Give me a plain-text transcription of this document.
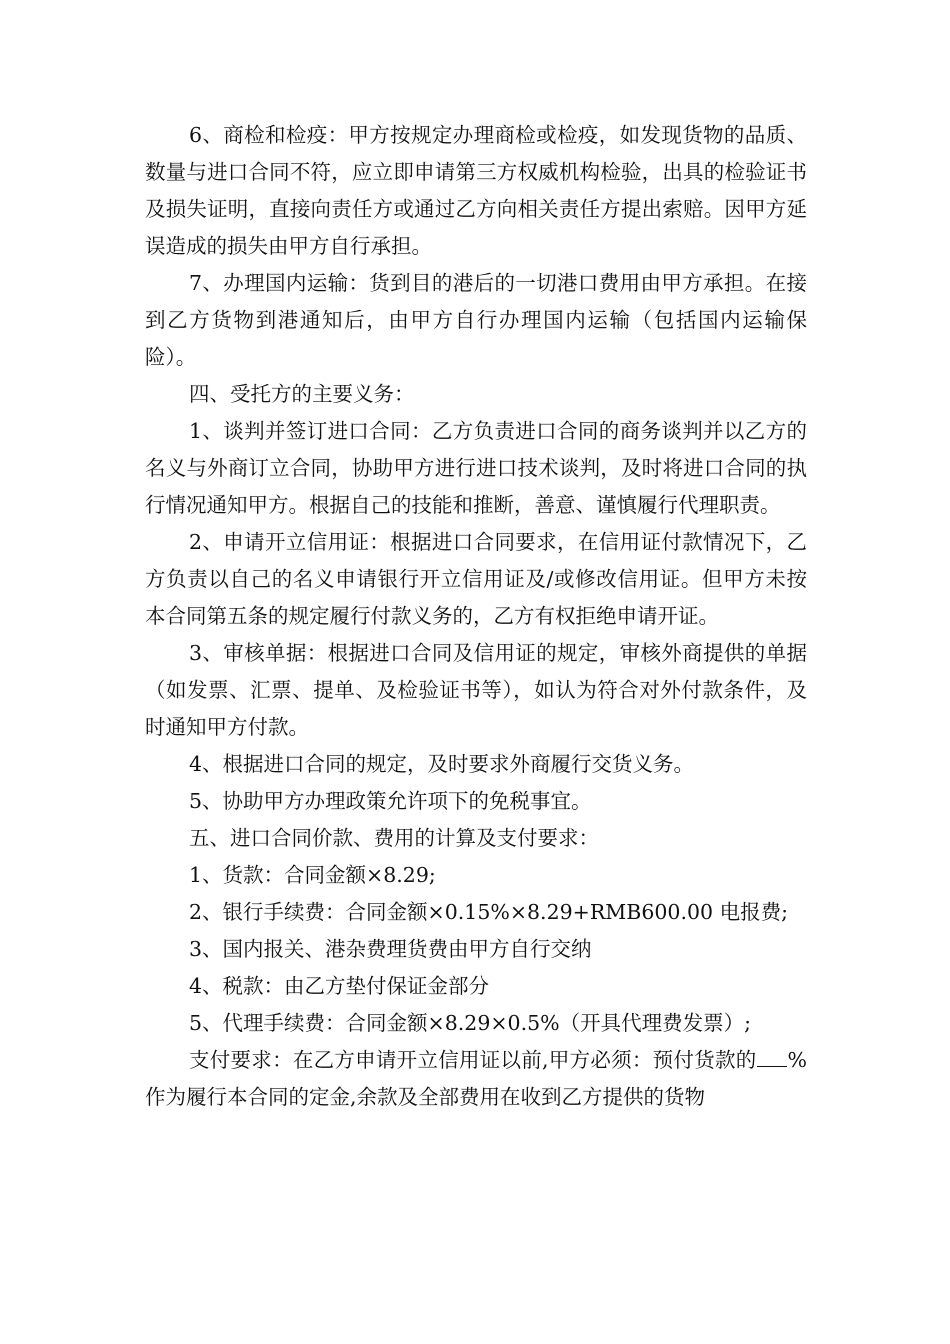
6、商检和检疫：甲方按规定办理商检或检疫，如发现货物的品质、数量与进口合同不符，应立即申请第三方权威机构检验，出具的检验证书及损失证明，直接向责任方或通过乙方向相关责任方提出索赔。因甲方延误造成的损失由甲方自行承担。

7、办理国内运输：货到目的港后的一切港口费用由甲方承担。在接到乙方货物到港通知后，由甲方自行办理国内运输（包括国内运输保险）。

四、受托方的主要义务：

1、谈判并签订进口合同：乙方负责进口合同的商务谈判并以乙方的名义与外商订立合同，协助甲方进行进口技术谈判，及时将进口合同的执行情况通知甲方。根据自己的技能和推断，善意、谨慎履行代理职责。

2、申请开立信用证：根据进口合同要求，在信用证付款情况下，乙方负责以自己的名义申请银行开立信用证及/或修改信用证。但甲方未按本合同第五条的规定履行付款义务的，乙方有权拒绝申请开证。

3、审核单据：根据进口合同及信用证的规定，审核外商提供的单据（如发票、汇票、提单、及检验证书等），如认为符合对外付款条件，及时通知甲方付款。

4、根据进口合同的规定，及时要求外商履行交货义务。

5、协助甲方办理政策允许项下的免税事宜。

五、进口合同价款、费用的计算及支付要求：

1、货款：合同金额×8.29;

2、银行手续费：合同金额×0.15%×8.29+RMB600.00 电报费;

3、国内报关、港杂费理货费由甲方自行交纳

4、税款：由乙方垫付保证金部分

5、代理手续费：合同金额×8.29×0.5%（开具代理费发票）;

支付要求：在乙方申请开立信用证以前,甲方必须：预付货款的 %作为履行本合同的定金,余款及全部费用在收到乙方提供的货物
